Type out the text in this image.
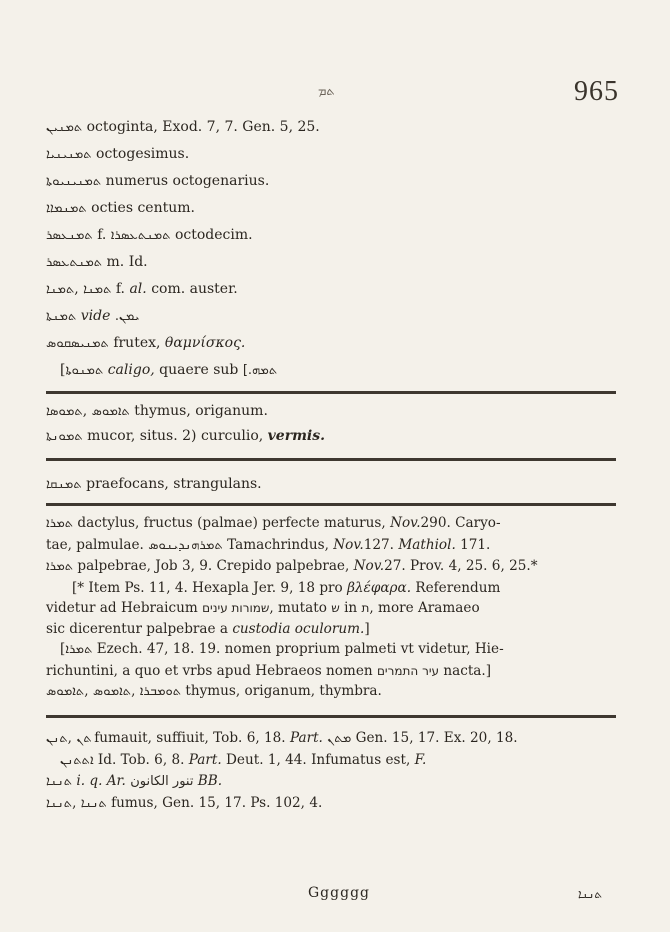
ܬܡ	965
ܬܡܢܝܢ octoginta, Exod. 7, 7. Gen. 5, 25.
ܬܡܢܝܢܝܐ octogesimus.
ܬܡܢܝܢܝܘܬܐ numerus octogenarius.
ܬܡܢܡܐܐ octies centum.
ܬܡܢܥܣܪ f. ܬܡܢܬܥܣܪܐ octodecim.
ܬܡܢܬܥܣܪ m. Id.
ܬܡܢܐ, ܬܡܢܐ f. al. com. auster.
ܬܡܢܬܐ vide ܝܡܢ.
ܬܡܢܝܣܩܘܣ frutex, θαμνίσκος.
[ܬܡܢܘܬܐ caligo, quaere sub ܬܡܗ.]
ܬܡܘܣܐ, ܬܐܡܘܣ thymus, origanum.
ܬܡܘܢܬܐ mucor, situs. 2) curculio, vermis.
ܬܡܢܩܐ praefocans, strangulans.

ܬܡܪܐ dactylus, fructus (palmae) perfecte maturus, Nov.290. Caryo-

tae, palmulae. ܬܡܪܗܢܕܝܢܘܣ Tamachrindus, Nov.127. Mathiol. 171.

ܬܡܪܐ palpebrae, Job 3, 9. Crepido palpebrae, Nov.27. Prov. 4, 25. 6, 25.*

[* Item Ps. 11, 4. Hexapla Jer. 9, 18 pro βλέφαρα. Referendum

videtur ad Hebraicum שמורות עינים, mutato ש in ת, more Aramaeo

sic dicerentur palpebrae a custodia oculorum.]

[ܬܡܪܐ Ezech. 47, 18. 19. nomen proprium palmeti vt videtur, Hie-

richuntini, a quo et vrbs apud Hebraeos nomen עיר התמרים nacta.]

ܬܐܡܘܣ, ܬܐܡܘܣ, ܬܘܡܒܪܐ thymus, origanum, thymbra.

ܬܢܢ, ܬܢ fumauit, suffiuit, Tob. 6, 18. Part. ܡܬܢ Gen. 15, 17. Ex. 20, 18.

ܐܬܬܢܢ Id. Tob. 6, 8. Part. Deut. 1, 44. Infumatus est, F.

ܬܢܢܐ i. q. Ar. تنور الكانون BB.

ܬܢܢܐ, ܬܢܢܐ fumus, Gen. 15, 17. Ps. 102, 4.

Gggggg	ܬܢܢܐ
